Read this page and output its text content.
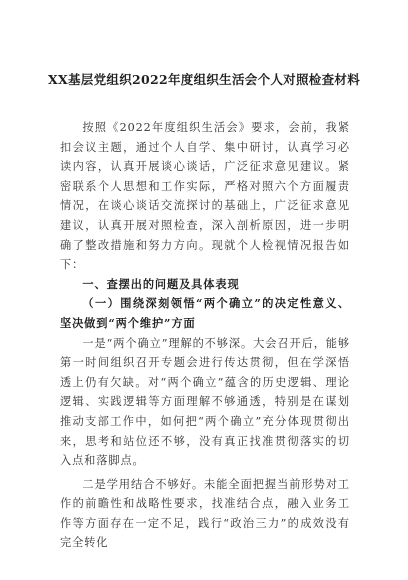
XX基层党组织2022年度组织生活会个人对照检查材料

按照《2022年度组织生活会》要求，会前，我紧扣会议主题，通过个人自学、集中研讨，认真学习必读内容，认真开展谈心谈话，广泛征求意见建议。紧密联系个人思想和工作实际，严格对照六个方面履责情况，在谈心谈话交流探讨的基础上，广泛征求意见建议，认真开展对照检查，深入剖析原因，进一步明确了整改措施和努力方向。现就个人检视情况报告如下：

一、查摆出的问题及具体表现

（一）围绕深刻领悟“两个确立”的决定性意义、坚决做到“两个维护”方面

一是“两个确立”理解的不够深。大会召开后，能够第一时间组织召开专题会进行传达贯彻，但在学深悟透上仍有欠缺。对“两个确立”蕴含的历史逻辑、理论逻辑、实践逻辑等方面理解不够通透，特别是在谋划推动支部工作中，如何把“两个确立”充分体现贯彻出来，思考和站位还不够，没有真正找准贯彻落实的切入点和落脚点。

二是学用结合不够好。未能全面把握当前形势对工作的前瞻性和战略性要求，找准结合点，融入业务工作等方面存在一定不足，践行“政治三力”的成效没有完全转化
